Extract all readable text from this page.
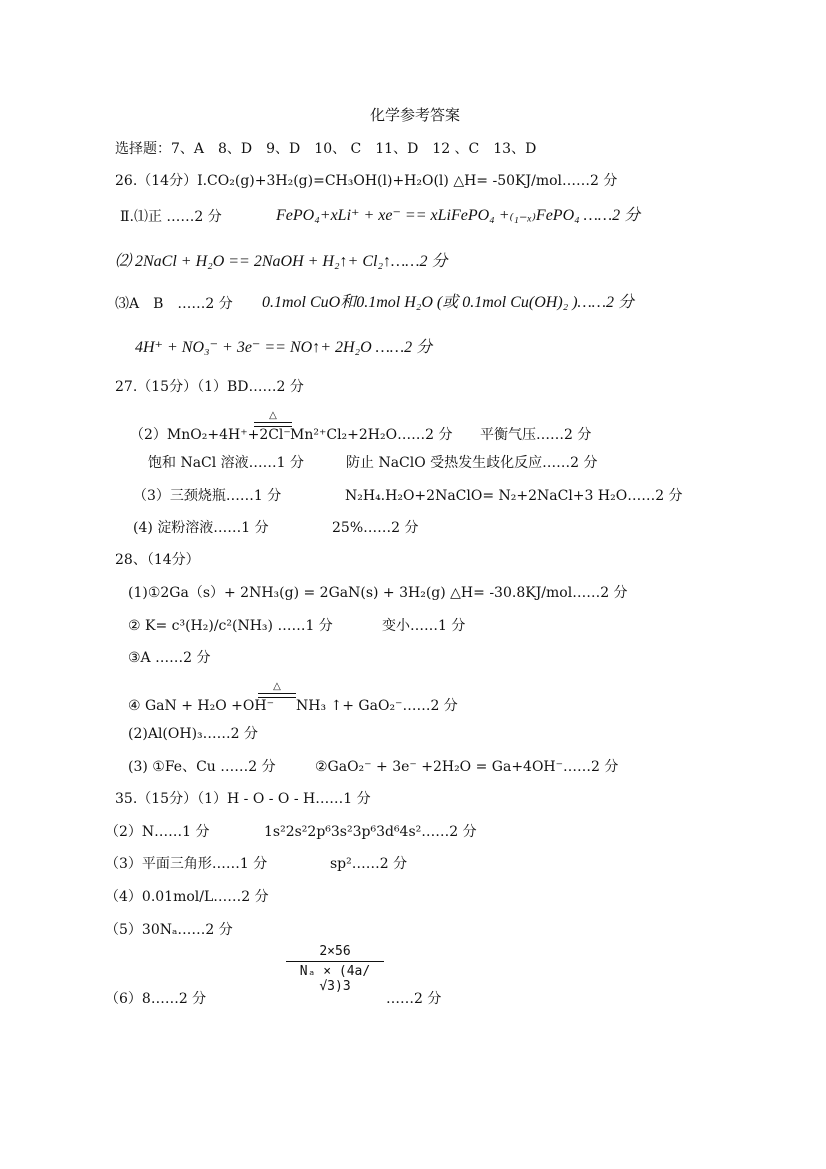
化学参考答案
选择题：7、A　8、D　9、D　10、 C　11、D　12 、C　13、D
26.（14分）Ⅰ.CO₂(g)+3H₂(g)=CH₃OH(l)+H₂O(l) △H= -50KJ/mol……2 分
Ⅱ.⑴正 ……2 分	FePO₄+xLi⁺ + xe⁻ == xLiFePO₄ +₍₁₋ₓ₎FePO₄ ……2 分
⑵ 2NaCl + H₂O == 2NaOH + H₂↑+ Cl₂↑……2 分
⑶A　B　……2 分 0.1mol CuO和0.1mol H₂O (或 0.1mol Cu(OH)₂ )……2 分
4H⁺ + NO₃⁻ + 3e⁻ == NO↑+ 2H₂O ……2 分
27.（15分）（1）BD……2 分
（2）MnO₂+4H⁺+2Cl⁻
△
Mn²⁺Cl₂+2H₂O……2 分 平衡气压……2 分
饱和 NaCl 溶液……1 分	防止 NaClO 受热发生歧化反应……2 分
（3）三颈烧瓶……1 分	N₂H₄.H₂O+2NaClO= N₂+2NaCl+3 H₂O……2 分
(4) 淀粉溶液……1 分	25%……2 分
28、（14分）
(1)①2Ga（s）+ 2NH₃(g) = 2GaN(s) + 3H₂(g) △H= -30.8KJ/mol……2 分
② K= c³(H₂)/c²(NH₃) ……1 分	变小……1 分
③A ……2 分
④ GaN + H₂O +OH⁻
△
NH₃ ↑+ GaO₂⁻……2 分
(2)Al(OH)₃……2 分
(3) ①Fe、Cu ……2 分	②GaO₂⁻ + 3e⁻ +2H₂O = Ga+4OH⁻……2 分
35.（15分）（1）H - O - O - H……1 分
（2）N……1 分	1s²2s²2p⁶3s²3p⁶3d⁶4s²……2 分
（3）平面三角形……1 分	sp²……2 分
（4）0.01mol/L……2 分
（5）30Nₐ……2 分
（6）8……2 分
$\frac{2\times 56}{\text{Nₐ × (4a/√3)3}}$
……2 分
